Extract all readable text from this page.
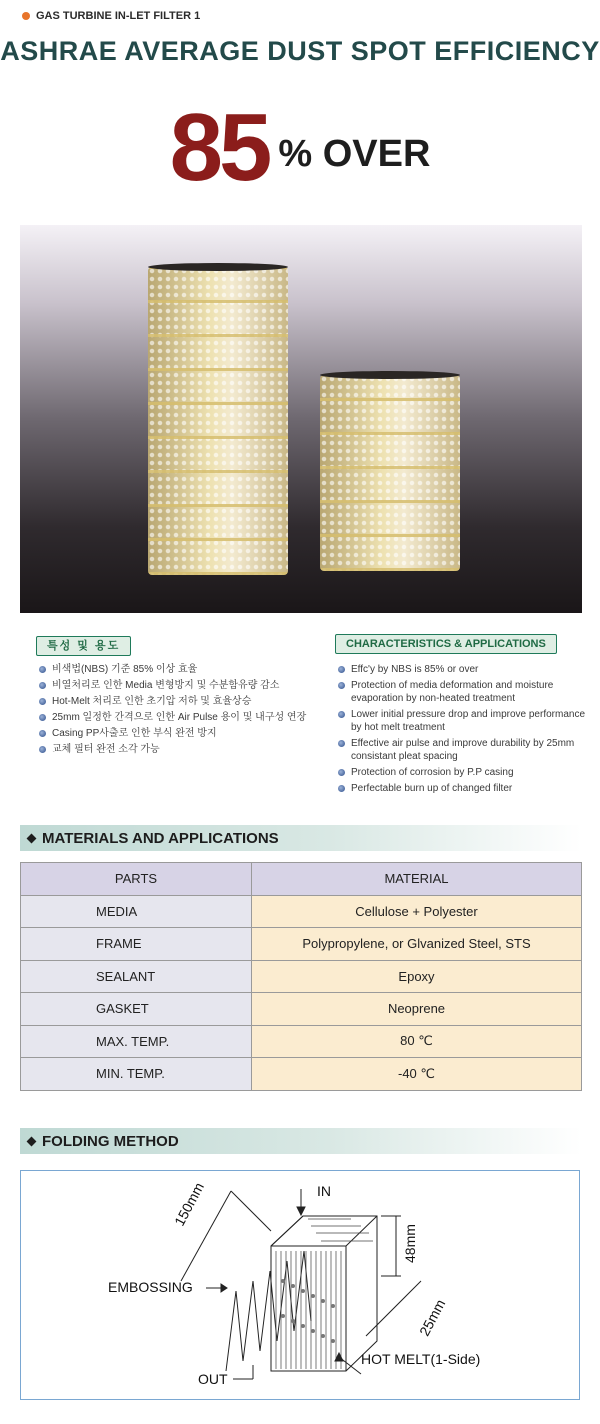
GAS TURBINE IN-LET FILTER 1
ASHRAE AVERAGE DUST SPOT EFFICIENCY
85 % OVER
특성 및 용도	CHARACTERISTICS & APPLICATIONS
비색법(NBS) 기준 85% 이상 효율
비열처리로 인한 Media 변형방지 및 수분함유량 감소
Hot-Melt 처리로 인한 초기압 저하 및 효율상승
25mm 일정한 간격으로 인한 Air Pulse 용이 및 내구성 연장
Casing PP사출로 인한 부식 완전 방지
교체 필터 완전 소각 가능
Effc'y by NBS is 85% or over
Protection of media deformation and moisture evaporation by non-heated treatment
Lower initial pressure drop and improve performance by hot melt treatment
Effective air pulse and improve durability by 25mm consistant pleat spacing
Protection of corrosion by P.P casing
Perfectable burn up of changed filter
MATERIALS AND APPLICATIONS
PARTS	MATERIAL
MEDIA	Cellulose + Polyester
FRAME	Polypropylene, or Glvanized Steel, STS
SEALANT	Epoxy
GASKET	Neoprene
MAX. TEMP.	80 ℃
MIN. TEMP.	-40 ℃
FOLDING METHOD
IN
EMBOSSING
HOT MELT(1-Side)
OUT
150mm
48mm
25mm
